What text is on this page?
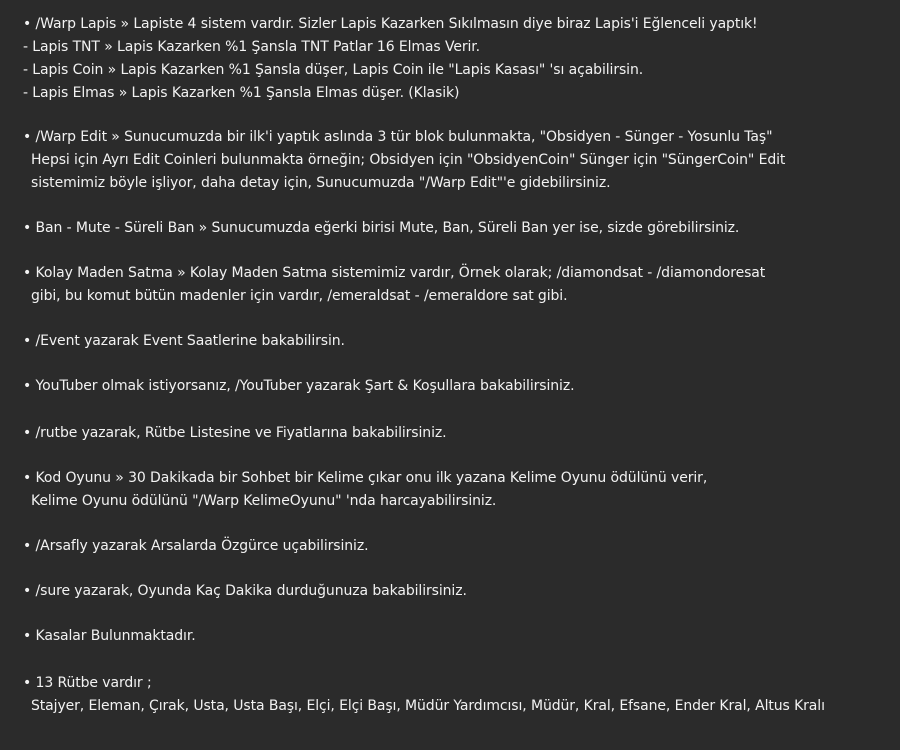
• /Warp Lapis » Lapiste 4 sistem vardır. Sizler Lapis Kazarken Sıkılmasın diye biraz Lapis'i Eğlenceli yaptık!
- Lapis TNT » Lapis Kazarken %1 Şansla TNT Patlar 16 Elmas Verir.
- Lapis Coin » Lapis Kazarken %1 Şansla düşer, Lapis Coin ile "Lapis Kasası" 'sı açabilirsin.
- Lapis Elmas » Lapis Kazarken %1 Şansla Elmas düşer. (Klasik)
• /Warp Edit » Sunucumuzda bir ilk'i yaptık aslında 3 tür blok bulunmakta, "Obsidyen - Sünger - Yosunlu Taş"
Hepsi için Ayrı Edit Coinleri bulunmakta örneğin; Obsidyen için "ObsidyenCoin" Sünger için "SüngerCoin" Edit
sistemimiz böyle işliyor, daha detay için, Sunucumuzda "/Warp Edit"'e gidebilirsiniz.
• Ban - Mute - Süreli Ban » Sunucumuzda eğerki birisi Mute, Ban, Süreli Ban yer ise, sizde görebilirsiniz.
• Kolay Maden Satma » Kolay Maden Satma sistemimiz vardır, Örnek olarak; /diamondsat - /diamondoresat
gibi, bu komut bütün madenler için vardır, /emeraldsat - /emeraldore sat gibi.
• /Event yazarak Event Saatlerine bakabilirsin.
• YouTuber olmak istiyorsanız, /YouTuber yazarak Şart & Koşullara bakabilirsiniz.
• /rutbe yazarak, Rütbe Listesine ve Fiyatlarına bakabilirsiniz.
• Kod Oyunu » 30 Dakikada bir Sohbet bir Kelime çıkar onu ilk yazana Kelime Oyunu ödülünü verir,
Kelime Oyunu ödülünü "/Warp KelimeOyunu" 'nda harcayabilirsiniz.
• /Arsafly yazarak Arsalarda Özgürce uçabilirsiniz.
• /sure yazarak, Oyunda Kaç Dakika durduğunuza bakabilirsiniz.
• Kasalar Bulunmaktadır.
• 13 Rütbe vardır ;
Stajyer, Eleman, Çırak, Usta, Usta Başı, Elçi, Elçi Başı, Müdür Yardımcısı, Müdür, Kral, Efsane, Ender Kral, Altus Kralı
